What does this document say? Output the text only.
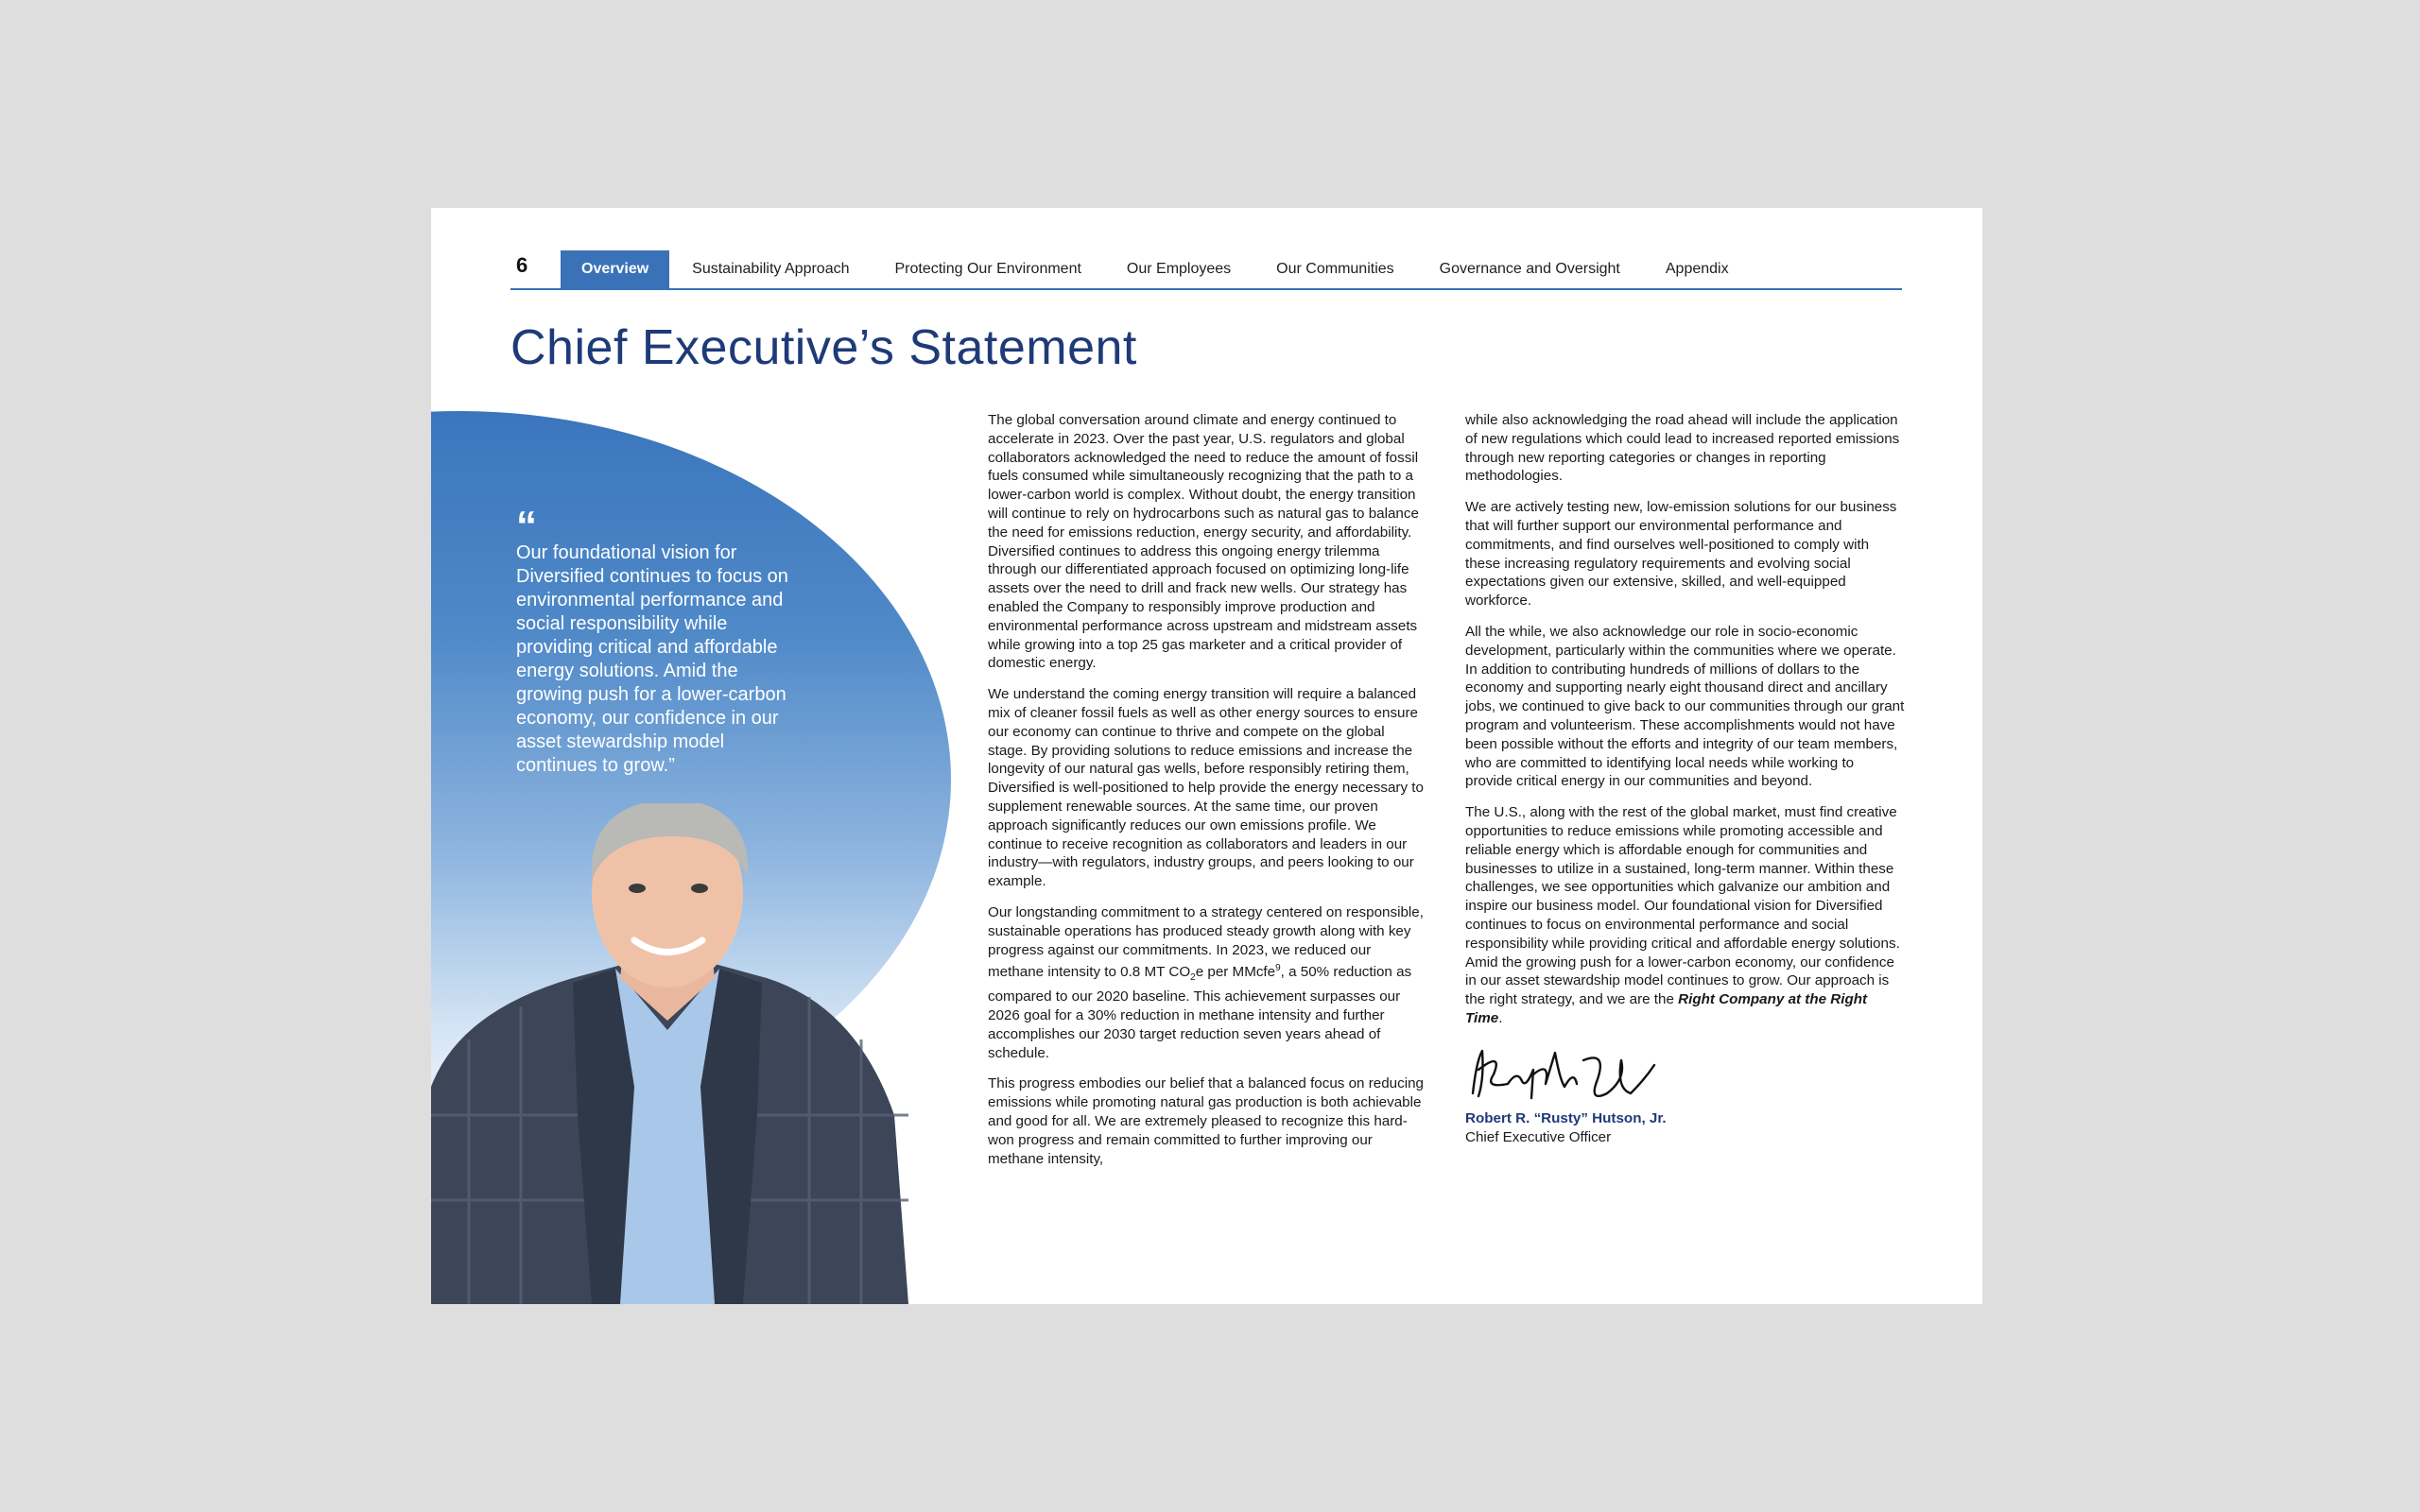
6	Overview	Sustainability Approach	Protecting Our Environment	Our Employees	Our Communities	Governance and Oversight	Appendix
Chief Executive’s Statement
“
Our foundational vision for Diversified continues to focus on environmental performance and social responsibility while providing critical and affordable energy solutions. Amid the growing push for a lower-carbon economy, our confidence in our asset stewardship model continues to grow.”

The global conversation around climate and energy continued to accelerate in 2023. Over the past year, U.S. regulators and global collaborators acknowledged the need to reduce the amount of fossil fuels consumed while simultaneously recognizing that the path to a lower-carbon world is complex. Without doubt, the energy transition will continue to rely on hydrocarbons such as natural gas to balance the need for emissions reduction, energy security, and affordability. Diversified continues to address this ongoing energy trilemma through our differentiated approach focused on optimizing long-life assets over the need to drill and frack new wells. Our strategy has enabled the Company to responsibly improve production and environmental performance across upstream and midstream assets while growing into a top 25 gas marketer and a critical provider of domestic energy.

We understand the coming energy transition will require a balanced mix of cleaner fossil fuels as well as other energy sources to ensure our economy can continue to thrive and compete on the global stage. By providing solutions to reduce emissions and increase the longevity of our natural gas wells, before responsibly retiring them, Diversified is well-positioned to help provide the energy necessary to supplement renewable sources. At the same time, our proven approach significantly reduces our own emissions profile. We continue to receive recognition as collaborators and leaders in our industry—with regulators, industry groups, and peers looking to our example.

Our longstanding commitment to a strategy centered on responsible, sustainable operations has produced steady growth along with key progress against our commitments. In 2023, we reduced our methane intensity to 0.8 MT $CO_2e$ per MMcfe$^9$, a 50% reduction as compared to our 2020 baseline. This achievement surpasses our 2026 goal for a 30% reduction in methane intensity and further accomplishes our 2030 target reduction seven years ahead of schedule.

This progress embodies our belief that a balanced focus on reducing emissions while promoting natural gas production is both achievable and good for all. We are extremely pleased to recognize this hard-won progress and remain committed to further improving our methane intensity,

while also acknowledging the road ahead will include the application of new regulations which could lead to increased reported emissions through new reporting categories or changes in reporting methodologies.

We are actively testing new, low-emission solutions for our business that will further support our environmental performance and commitments, and find ourselves well-positioned to comply with these increasing regulatory requirements and evolving social expectations given our extensive, skilled, and well-equipped workforce.

All the while, we also acknowledge our role in socio-economic development, particularly within the communities where we operate. In addition to contributing hundreds of millions of dollars to the economy and supporting nearly eight thousand direct and ancillary jobs, we continued to give back to our communities through our grant program and volunteerism. These accomplishments would not have been possible without the efforts and integrity of our team members, who are committed to identifying local needs while working to provide critical energy in our communities and beyond.

The U.S., along with the rest of the global market, must find creative opportunities to reduce emissions while promoting accessible and reliable energy which is affordable enough for communities and businesses to utilize in a sustained, long-term manner. Within these challenges, we see opportunities which galvanize our ambition and inspire our business model. Our foundational vision for Diversified continues to focus on environmental performance and social responsibility while providing critical and affordable energy solutions. Amid the growing push for a lower-carbon economy, our confidence in our asset stewardship model continues to grow. Our approach is the right strategy, and we are the Right Company at the Right Time.

Robert R. “Rusty” Hutson, Jr.
Chief Executive Officer
